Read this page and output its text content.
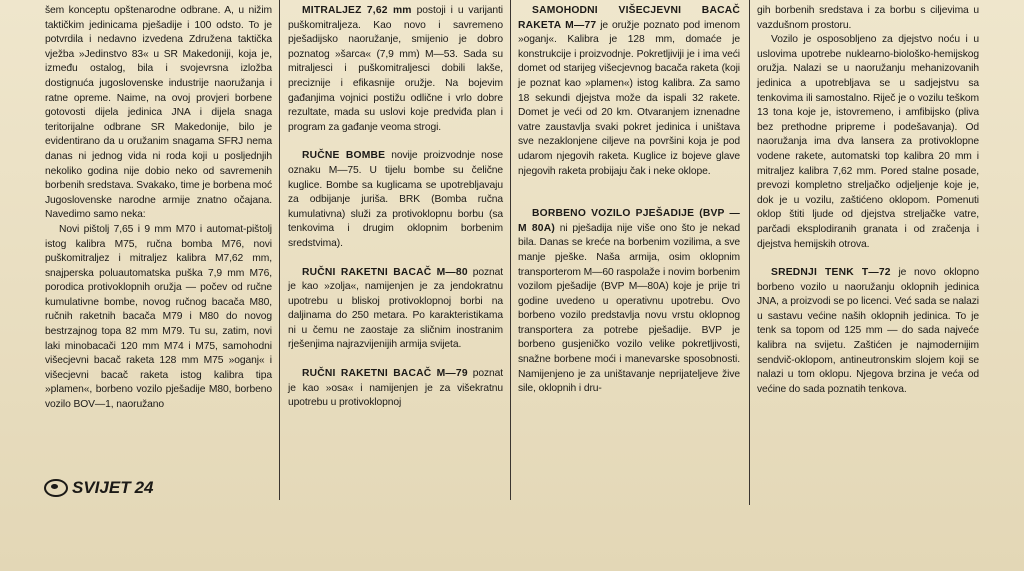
šem konceptu opštenarodne odbrane. A, u nižim taktičkim jedinicama pješadije i 100 odsto. To je potvrdila i nedavno izvedena Združena taktička vježba »Jedinstvo 83« u SR Makedoniji, koja je, između ostalog, bila i svojevrsna izložba dostignuća jugoslovenske industrije naoružanja i ratne opreme. Naime, na ovoj provjeri borbene gotovosti dijela jedinica JNA i dijela snaga teritorijalne odbrane SR Makedonije, bilo je evidentirano da u oružanim snagama SFRJ nema danas ni jednog vida ni roda koji u posljednjih nekoliko godina nije dobio neko od savremenih borbenih sredstava. Svakako, time je borbena moć Jugoslovenske narodne armije znatno očajana. Navedimo samo neka:

Novi pištolj 7,65 i 9 mm M70 i automat-pištolj istog kalibra M75, ručna bomba M76, novi puškomitraljez i mitraljez kalibra M7,62 mm, snajperska poluautomatska puška 7,9 mm M76, porodica protivoklopnih oružja — počev od ručne kumulativne bombe, novog ručnog bacača M80, ručnih raketnih bacača M79 i M80 do novog bestrzajnog topa 82 mm M79. Tu su, zatim, novi laki minobacači 120 mm M74 i M75, samohodni višecjevni bacač raketa 128 mm M75 »oganj« i višecjevni bacač raketa istog kalibra tipa »plamen«, borbeno vozilo pješadije M80, borbeno vozilo BOV—1, naoružano

MITRALJEZ 7,62 mm postoji i u varijanti puškomitraljeza. Kao novo i savremeno pješadijsko naoružanje, smijenio je dobro poznatog »šarca« (7,9 mm) M—53. Sada su mitraljesci i puškomitraljesci dobili lakše, preciznije i efikasnije oružje. Na bojevim gađanjima vojnici postižu odlične i vrlo dobre rezultate, mada su uslovi koje predviđa plan i program za gađanje veoma strogi.

RUČNE BOMBE novije proizvodnje nose oznaku M—75. U tijelu bombe su čelične kuglice. Bombe sa kuglicama se upotrebljavaju za odbijanje jurišа. BRK (Bomba ručna kumulativna) služi za protivoklopnu borbu (sa tenkovima i drugim oklopnim borbenim sredstvima).

RUČNI RAKETNI BACAČ M—80 poznat je kao »zolja«, namijenjen je za jendokratnu upotrebu u bliskoj protivoklopnoj borbi na daljinama do 250 metara. Po karakteristikama ni u čemu ne zaostaje za sličnim inostranim rješenjima najrazvijenijih armija svijeta.

RUČNI RAKETNI BACAČ M—79 poznat je kao »osa« i namijenjen je za višekratnu upotrebu u protivoklopnoj

SAMOHODNI VIŠECJEVNI BACAČ RAKETA M—77 je oružje poznato pod imenom »oganj«. Kalibra je 128 mm, domaće je konstrukcije i proizvodnje. Pokretljiviji je i ima veći domet od starijeg višecjevnog bacača raketa (koji je poznat kao »plamen«) istog kalibra. Za samo 18 sekundi djejstva može da ispali 32 rakete. Domet je veći od 20 km. Otvaranjem iznenadne vatre zaustavlja svaki pokret jedinica i uništava sve nezaklonjene ciljeve na površini koja je pod udarom njegovih raketa. Kuglice iz bojeve glave njegovih raketa probijaju čak i neke oklope.

BORBENO VOZILO PJEŠADIJE (BVP — M 80A) ni pješadija nije više ono što je nekad bila. Danas se kreće na borbenim vozilima, a sve manje pješke. Naša armija, osim oklopnim transporterom M—60 raspolaže i novim borbenim vozilom pješadije (BVP M—80A) koje je prije tri godine uvedeno u operativnu upotrebu. Ovo borbeno vozilo predstavlja novu vrstu oklopnog transportera za potrebe pješadije. BVP je borbeno gusjeničko vozilo velike pokretljivosti, snažne borbene moći i manevarske sposobnosti. Namijenjeno je za uništavanje neprijateljeve žive sile, oklopnih i dru-

gih borbenih sredstava i za borbu s ciljevima u vazdušnom prostoru.

Vozilo je osposobljeno za djejstvo noću i u uslovima upotrebe nuklearno-biološko-hemijskog oružja. Nalazi se u naoružanju mehanizovanih jedinica a upotrebljava se u sadjejstvu sa tenkovima ili samostalno. Riječ je o vozilu teškom 13 tona koje je, istovremeno, i amfibijsko (pliva bez prethodne pripreme i podešavanja). Od naoružanja ima dva lansera za protivoklopne vodene rakete, automatski top kalibra 20 mm i mitraljez kalibra 7,62 mm. Pored stalne posade, prevozi kompletno streljačko odjeljenje koje je, dok je u vozilu, zaštićeno oklopom. Pomenuti oklop štiti ljude od djejstva streljačke vatre, parčadi eksplodiranih granata i od zračenja i djejstva hemijskih otrova.

SREDNJI TENK T—72 je novo oklopno borbeno vozilo u naoružanju oklopnih jedinica JNA, a proizvodi se po licenci. Već sada se nalazi u sastavu većine naših oklopnih jedinica. To je tenk sa topom od 125 mm — do sada najveće kalibra na svijetu. Zaštićen je najmodernijim sendvič-oklopom, antineutronskim slojem koji se nalazi u tom oklopu. Njegova brzina je veća od većine do sada poznatih tenkova.

SVIJET 24
